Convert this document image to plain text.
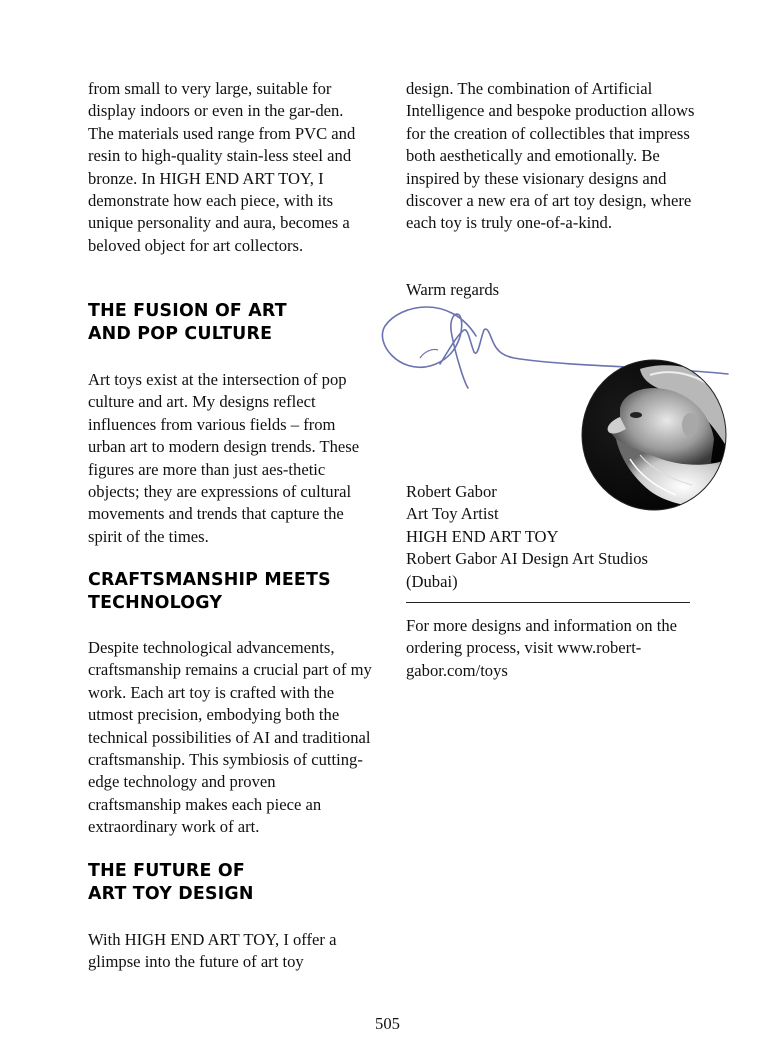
from small to very large, suitable for display indoors or even in the gar-den. The materials used range from PVC and resin to high-quality stain-less steel and bronze. In HIGH END ART TOY, I demonstrate how each piece, with its unique personality and aura, becomes a beloved object for art collectors.

THE FUSION OF ART
AND POP CULTURE

Art toys exist at the intersection of pop culture and art. My designs reflect influences from various fields – from urban art to modern design trends. These figures are more than just aes-thetic objects; they are expressions of cultural movements and trends that capture the spirit of the times.

CRAFTSMANSHIP MEETS
TECHNOLOGY

Despite technological advancements, craftsmanship remains a crucial part of my work. Each art toy is crafted with the utmost precision, embodying both the technical possibilities of AI and traditional craftsmanship. This symbiosis of cutting-edge technology and proven craftsmanship makes each piece an extraordinary work of art.

THE FUTURE OF
ART TOY DESIGN

With HIGH END ART TOY, I offer a glimpse into the future of art toy

design. The combination of Artificial Intelligence and bespoke production allows for the creation of collectibles that impress both aesthetically and emotionally. Be inspired by these visionary designs and discover a new era of art toy design, where each toy is truly one-of-a-kind.

Warm regards

Robert Gabor

Art Toy Artist

HIGH END ART TOY

Robert Gabor AI Design Art Studios

(Dubai)

For more designs and information on the ordering process, visit www.robert-gabor.com/toys

505
